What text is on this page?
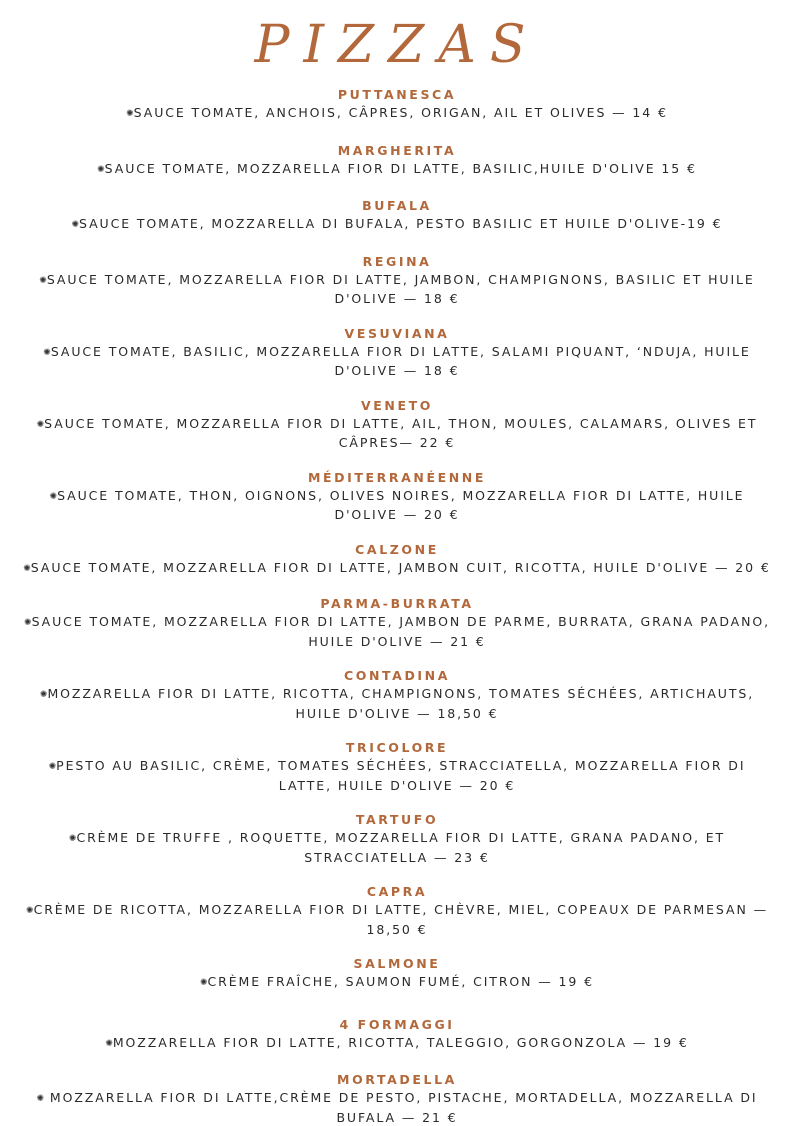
PIZZAS
PUTTANESCA
✺SAUCE TOMATE, ANCHOIS, CÂPRES, ORIGAN, AIL ET OLIVES — 14 €
MARGHERITA
✺SAUCE TOMATE, MOZZARELLA FIOR DI LATTE, BASILIC,HUILE D'OLIVE 15 €
BUFALA
✺SAUCE TOMATE, MOZZARELLA DI BUFALA, PESTO BASILIC ET HUILE D'OLIVE-19 €
REGINA
✺SAUCE TOMATE, MOZZARELLA FIOR DI LATTE, JAMBON, CHAMPIGNONS, BASILIC ET HUILE D'OLIVE — 18 €
VESUVIANA
✺SAUCE TOMATE, BASILIC, MOZZARELLA FIOR DI LATTE, SALAMI PIQUANT, ‘NDUJA, HUILE D'OLIVE — 18 €
VENETO
✺SAUCE TOMATE, MOZZARELLA FIOR DI LATTE, AIL, THON, MOULES, CALAMARS, OLIVES ET CÂPRES— 22 €
MÉDITERRANÉENNE
✺SAUCE TOMATE, THON, OIGNONS, OLIVES NOIRES, MOZZARELLA FIOR DI LATTE, HUILE D'OLIVE — 20 €
CALZONE
✺SAUCE TOMATE, MOZZARELLA FIOR DI LATTE, JAMBON CUIT, RICOTTA, HUILE D'OLIVE — 20 €
PARMA-BURRATA
✺SAUCE TOMATE, MOZZARELLA FIOR DI LATTE, JAMBON DE PARME, BURRATA, GRANA PADANO, HUILE D'OLIVE — 21 €
CONTADINA
✺MOZZARELLA FIOR DI LATTE, RICOTTA, CHAMPIGNONS, TOMATES SÉCHÉES, ARTICHAUTS, HUILE D'OLIVE — 18,50 €
TRICOLORE
✺PESTO AU BASILIC, CRÈME, TOMATES SÉCHÉES, STRACCIATELLA, MOZZARELLA FIOR DI LATTE, HUILE D'OLIVE — 20 €
TARTUFO
✺CRÈME DE TRUFFE , ROQUETTE, MOZZARELLA FIOR DI LATTE, GRANA PADANO, ET STRACCIATELLA — 23 €
CAPRA
✺CRÈME DE RICOTTA, MOZZARELLA FIOR DI LATTE, CHÈVRE, MIEL, COPEAUX DE PARMESAN — 18,50 €
SALMONE
✺CRÈME FRAÎCHE, SAUMON FUMÉ, CITRON — 19 €
4 FORMAGGI
✺MOZZARELLA FIOR DI LATTE, RICOTTA, TALEGGIO, GORGONZOLA — 19 €
MORTADELLA
✺ MOZZARELLA FIOR DI LATTE,CRÈME DE PESTO, PISTACHE, MORTADELLA, MOZZARELLA DI BUFALA — 21 €
